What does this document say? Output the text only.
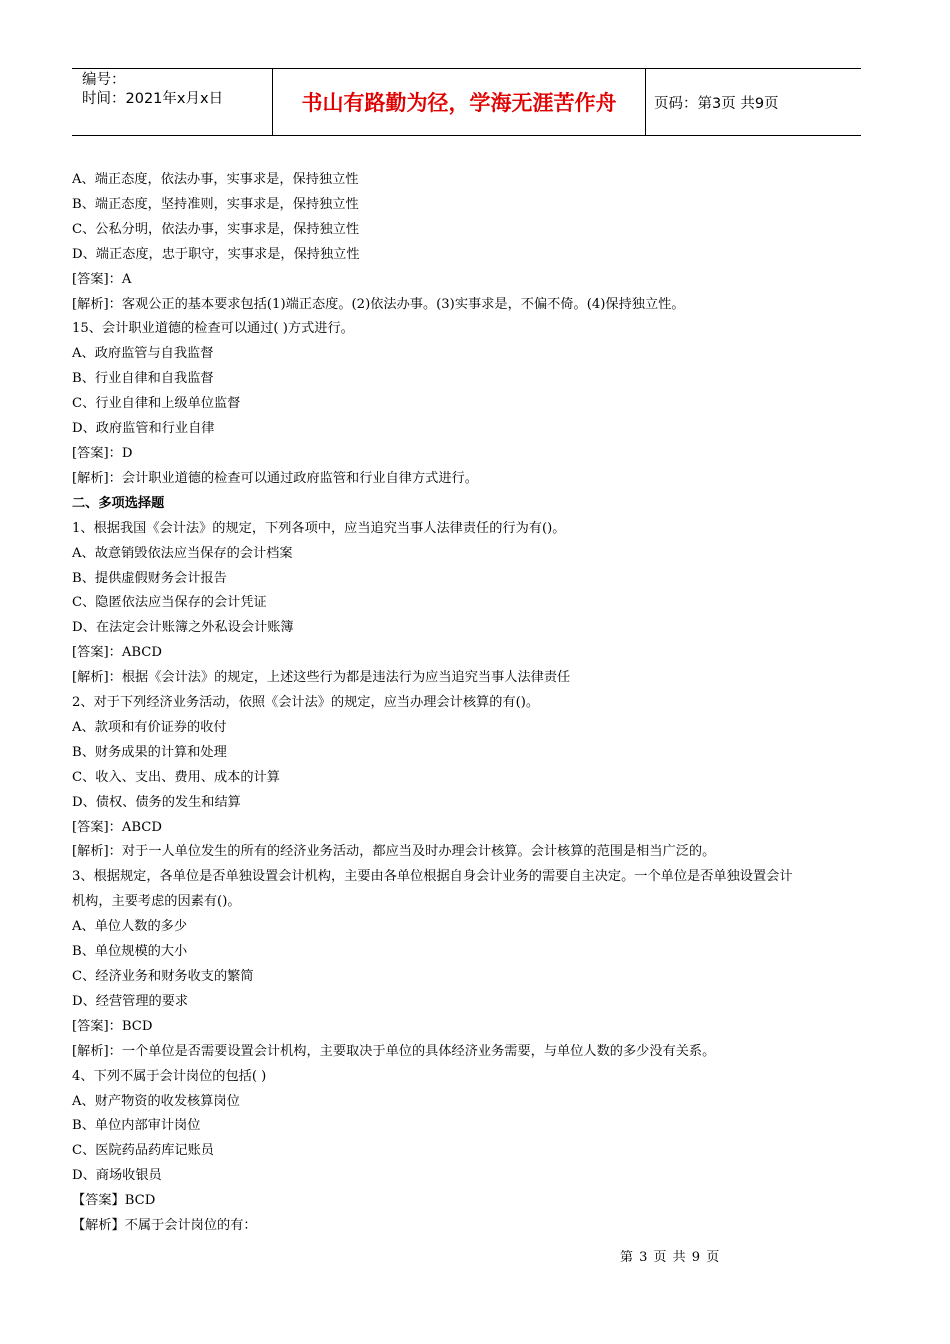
编号：
时间：2021年x月x日	书山有路勤为径，学海无涯苦作舟	页码：第3页 共9页
A、端正态度，依法办事，实事求是，保持独立性
B、端正态度，坚持准则，实事求是，保持独立性
C、公私分明，依法办事，实事求是，保持独立性
D、端正态度，忠于职守，实事求是，保持独立性
[答案]：A
[解析]：客观公正的基本要求包括(1)端正态度。(2)依法办事。(3)实事求是，不偏不倚。(4)保持独立性。
15、会计职业道德的检查可以通过( )方式进行。
A、政府监管与自我监督
B、行业自律和自我监督
C、行业自律和上级单位监督
D、政府监管和行业自律
[答案]：D
[解析]：会计职业道德的检查可以通过政府监管和行业自律方式进行。
二、多项选择题
1、根据我国《会计法》的规定，下列各项中，应当追究当事人法律责任的行为有()。
A、故意销毁依法应当保存的会计档案
B、提供虚假财务会计报告
C、隐匿依法应当保存的会计凭证
D、在法定会计账簿之外私设会计账簿
[答案]：ABCD
[解析]：根据《会计法》的规定，上述这些行为都是违法行为应当追究当事人法律责任
2、对于下列经济业务活动，依照《会计法》的规定，应当办理会计核算的有()。
A、款项和有价证券的收付
B、财务成果的计算和处理
C、收入、支出、费用、成本的计算
D、债权、债务的发生和结算
[答案]：ABCD
[解析]：对于一人单位发生的所有的经济业务活动，都应当及时办理会计核算。会计核算的范围是相当广泛的。
3、根据规定，各单位是否单独设置会计机构，主要由各单位根据自身会计业务的需要自主决定。一个单位是否单独设置会计
机构，主要考虑的因素有()。
A、单位人数的多少
B、单位规模的大小
C、经济业务和财务收支的繁简
D、经营管理的要求
[答案]：BCD
[解析]：一个单位是否需要设置会计机构，主要取决于单位的具体经济业务需要，与单位人数的多少没有关系。
4、下列不属于会计岗位的包括( )
A、财产物资的收发核算岗位
B、单位内部审计岗位
C、医院药品药库记账员
D、商场收银员
【答案】BCD
【解析】不属于会计岗位的有：
第 3 页 共 9 页
